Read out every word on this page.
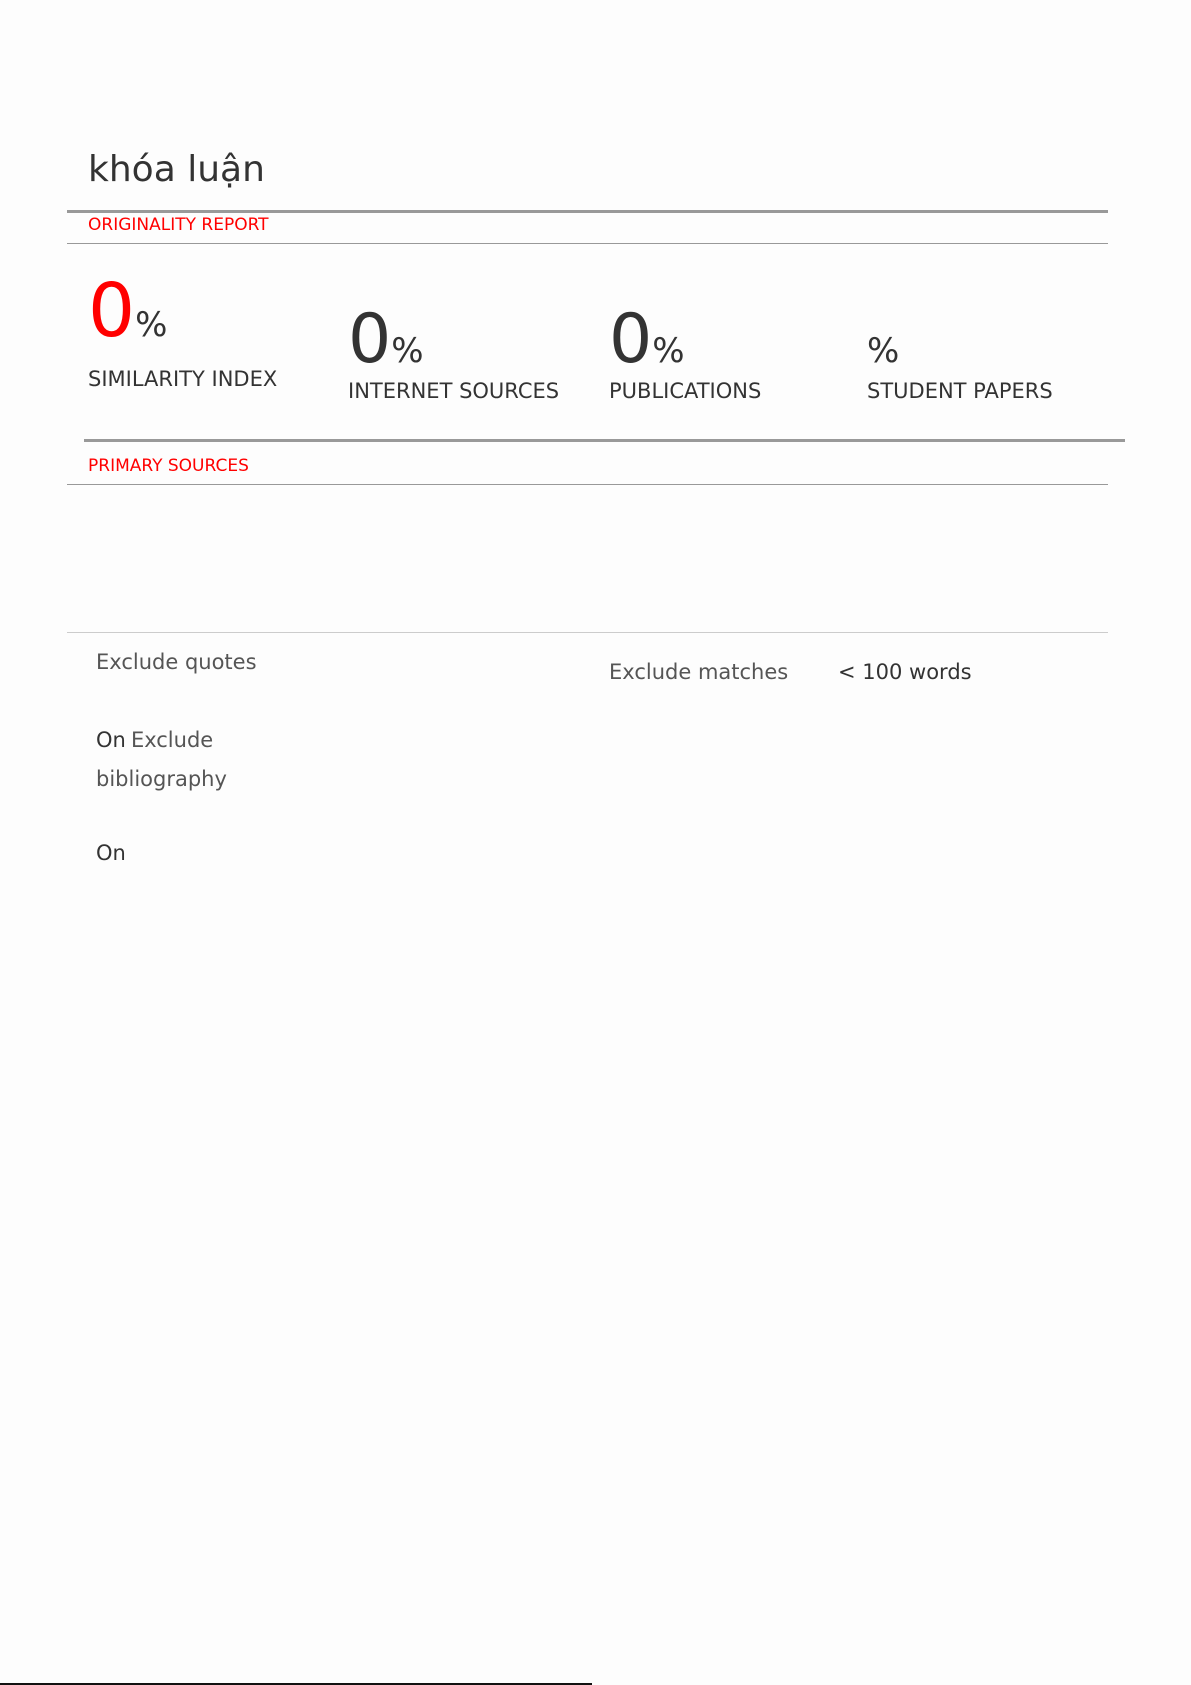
khóa luận
ORIGINALITY REPORT
0%
SIMILARITY INDEX 0%
INTERNET SOURCES
0%
PUBLICATIONS
%
STUDENT PAPERS
PRIMARY SOURCES
Exclude quotes
On Exclude
bibliography
On
Exclude matches < 100 words
